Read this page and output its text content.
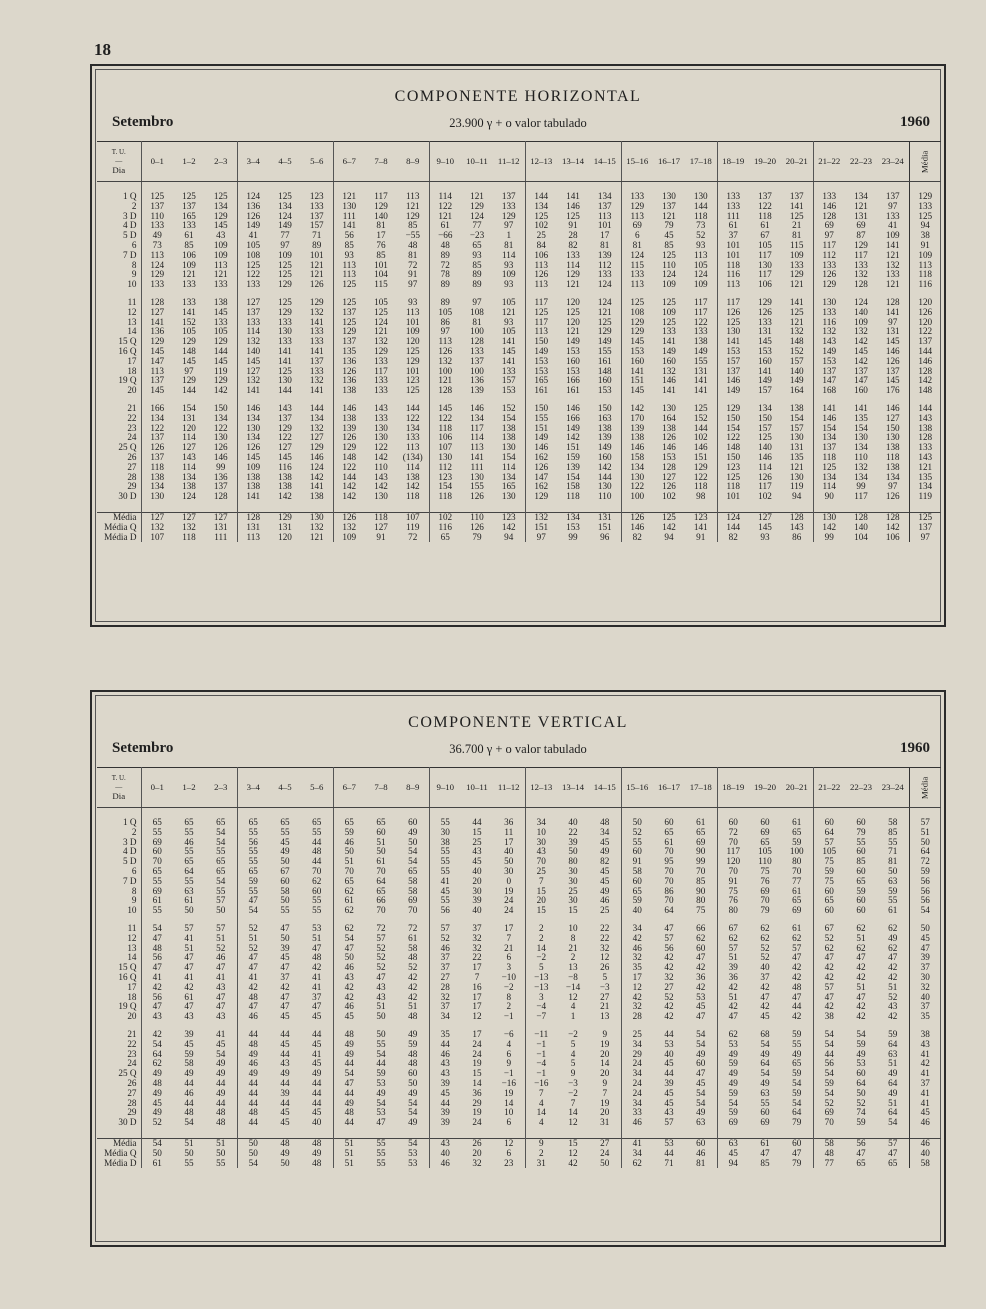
18
COMPONENTE HORIZONTAL
Setembro	23.900 γ + o valor tabulado	1960
T. U.
—
Dia	0–1	1–2	2–3	3–4	4–5	5–6	6–7	7–8	8–9	9–10	10–11	11–12	12–13	13–14	14–15	15–16	16–17	17–18	18–19	19–20	20–21	21–22	22–23	23–24	Média

1 Q	125	125	125	124	125	123	121	117	113	114	121	137	144	141	134	133	130	130	133	137	137	133	134	137	129
2	137	137	134	136	134	133	130	129	121	122	129	133	134	146	137	129	137	144	133	122	141	146	121	97	133
3 D	110	165	129	126	124	137	111	140	129	121	124	129	125	125	113	113	121	118	111	118	125	128	131	133	125
4 D	133	133	145	149	149	157	141	81	85	61	77	97	102	91	101	69	79	73	61	61	21	69	69	41	94
5 D	49	61	43	41	77	71	56	17	−55	−66	−23	1	25	28	17	6	45	52	37	67	81	97	87	109	38
6	73	85	109	105	97	89	85	76	48	48	65	81	84	82	81	81	85	93	101	105	115	117	129	141	91
7 D	113	106	109	108	109	101	93	85	81	89	93	114	106	133	139	124	125	113	101	117	109	112	117	121	109
8	124	109	113	125	125	121	113	101	72	72	85	93	113	114	112	115	110	105	118	130	133	133	133	132	113
9	129	121	121	122	125	121	113	104	91	78	89	109	126	129	133	133	124	124	116	117	129	126	132	133	118
10	133	133	133	133	129	126	125	115	97	89	89	93	113	121	124	113	109	109	113	106	121	129	128	121	116

11	128	133	138	127	125	129	125	105	93	89	97	105	117	120	124	125	125	117	117	129	141	130	124	128	120
12	127	141	145	137	129	132	137	125	113	105	108	121	125	125	121	108	109	117	126	126	125	133	140	141	126
13	141	152	133	133	133	141	125	124	101	86	81	93	117	120	125	129	125	122	125	133	121	116	109	97	120
14	136	105	105	114	130	133	129	121	109	97	100	105	113	121	129	129	133	133	130	131	132	132	132	131	122
15 Q	129	129	129	132	133	133	137	132	120	113	128	141	150	149	149	145	141	138	141	145	148	143	142	145	137
16 Q	145	148	144	140	141	141	135	129	125	126	133	145	149	153	155	153	149	149	153	153	152	149	145	146	144
17	147	145	145	145	141	137	136	133	129	132	137	141	153	160	161	160	160	155	157	160	157	153	142	126	146
18	113	97	119	127	125	133	126	117	101	100	100	133	153	153	148	141	132	131	137	141	140	137	137	137	128
19 Q	137	129	129	132	130	132	136	133	123	121	136	157	165	166	160	151	146	141	146	149	149	147	147	145	142
20	145	144	142	141	144	141	138	133	125	128	139	153	161	161	153	145	141	141	149	157	164	168	160	176	148

21	166	154	150	146	143	144	146	143	144	145	146	152	150	146	150	142	130	125	129	134	138	141	141	146	144
22	134	131	134	134	137	134	138	133	122	122	134	154	155	166	163	170	164	152	150	150	154	146	135	127	143
23	122	120	122	130	129	132	139	130	134	118	117	138	151	149	138	139	138	144	154	157	157	154	154	150	138
24	137	114	130	134	122	127	126	130	133	106	114	138	149	142	139	138	126	102	122	125	130	134	130	130	128
25 Q	126	127	126	126	127	129	129	122	113	107	113	130	146	151	149	146	146	146	148	140	131	137	134	138	133
26	137	143	146	145	145	146	148	142	(134)	130	141	154	162	159	160	158	153	151	150	146	135	118	110	118	143
27	118	114	99	109	116	124	122	110	114	112	111	114	126	139	142	134	128	129	123	114	121	125	132	138	121
28	138	134	136	138	138	142	144	143	138	123	130	134	147	154	144	130	127	122	125	126	130	134	134	134	135
29	134	138	137	138	138	141	142	142	142	154	155	165	162	158	130	122	126	118	118	117	119	114	99	97	134
30 D	130	124	128	141	142	138	142	130	118	118	126	130	129	118	110	100	102	98	101	102	94	90	117	126	119

Média	127	127	127	128	129	130	126	118	107	102	110	123	132	134	131	126	125	123	124	127	128	130	128	128	125
Média Q	132	132	131	131	131	132	132	127	119	116	126	142	151	153	151	146	142	141	144	145	143	142	140	142	137
Média D	107	118	111	113	120	121	109	91	72	65	79	94	97	99	96	82	94	91	82	93	86	99	104	106	97
COMPONENTE VERTICAL
Setembro	36.700 γ + o valor tabulado	1960
T. U.
—
Dia	0–1	1–2	2–3	3–4	4–5	5–6	6–7	7–8	8–9	9–10	10–11	11–12	12–13	13–14	14–15	15–16	16–17	17–18	18–19	19–20	20–21	21–22	22–23	23–24	Média

1 Q	65	65	65	65	65	65	65	65	60	55	44	36	34	40	48	50	60	61	60	60	61	60	60	58	57
2	55	55	54	55	55	55	59	60	49	30	15	11	10	22	34	52	65	65	72	69	65	64	79	85	51
3 D	69	46	54	56	45	44	46	51	50	38	25	17	30	39	45	55	61	69	70	65	59	57	55	55	50
4 D	60	55	55	55	49	48	50	50	54	55	43	40	43	50	49	60	70	90	117	105	100	105	60	71	64
5 D	70	65	65	55	50	44	51	61	54	55	45	50	70	80	82	91	95	99	120	110	80	75	85	81	72
6	65	64	65	65	67	70	70	70	65	55	40	30	25	30	45	58	70	70	70	75	70	59	60	50	59
7 D	55	55	54	59	60	62	65	64	58	41	20	0	7	30	45	60	70	85	91	76	77	75	65	63	56
8	69	63	55	55	58	60	62	65	58	45	30	19	15	25	49	65	86	90	75	69	61	60	59	59	56
9	61	61	57	47	50	55	61	66	69	55	39	24	20	30	46	59	70	80	76	70	65	65	60	55	56
10	55	50	50	54	55	55	62	70	70	56	40	24	15	15	25	40	64	75	80	79	69	60	60	61	54

11	54	57	57	52	47	53	62	72	72	57	37	17	2	10	22	34	47	66	67	62	61	67	62	62	50
12	47	41	51	51	50	51	54	57	61	52	32	7	2	8	22	42	57	62	62	62	62	52	51	49	45
13	48	51	52	52	39	47	47	52	58	46	32	21	14	21	32	46	56	60	57	52	57	62	62	62	47
14	56	47	46	47	45	48	50	52	48	37	22	6	−2	2	12	32	42	47	51	52	47	47	47	47	39
15 Q	47	47	47	47	47	42	46	52	52	37	17	3	5	13	26	35	42	42	39	40	42	42	42	42	37
16 Q	41	41	41	41	37	41	43	47	42	27	7	−10	−13	−8	5	17	32	36	36	37	42	42	42	42	30
17	42	42	43	42	42	41	42	43	42	28	16	−2	−13	−14	−3	12	27	42	42	42	48	57	51	51	32
18	56	61	47	48	47	37	42	43	42	32	17	8	3	12	27	42	52	53	51	47	47	47	47	52	40
19 Q	47	47	47	47	47	47	46	51	51	37	17	2	−4	4	21	32	42	45	42	42	44	42	42	43	37
20	43	43	43	46	45	45	45	50	48	34	12	−1	−7	1	13	28	42	47	47	45	42	38	42	42	35

21	42	39	41	44	44	44	48	50	49	35	17	−6	−11	−2	9	25	44	54	62	68	59	54	54	59	38
22	54	45	45	48	45	45	49	55	59	44	24	4	−1	5	19	34	53	54	53	54	55	54	59	64	43
23	64	59	54	49	44	41	49	54	48	46	24	6	−1	4	20	29	40	49	49	49	49	44	49	63	41
24	62	58	49	46	43	45	44	44	48	43	19	9	−4	5	14	24	45	60	59	64	65	56	53	51	42
25 Q	49	49	49	49	49	49	54	59	60	43	15	−1	−1	9	20	34	44	47	49	54	59	54	60	49	41
26	48	44	44	44	44	44	47	53	50	39	14	−16	−16	−3	9	24	39	45	49	49	54	59	64	64	37
27	49	46	49	44	39	44	44	49	49	45	36	19	7	−2	7	24	45	54	59	63	59	54	50	49	41
28	45	44	44	44	44	44	49	54	54	44	29	14	4	7	19	34	45	54	54	55	54	52	52	51	41
29	49	48	48	48	45	45	48	53	54	39	19	10	14	14	20	33	43	49	59	60	64	69	74	64	45
30 D	52	54	48	44	45	40	44	47	49	39	24	6	4	12	31	46	57	63	69	69	79	70	59	54	46

Média	54	51	51	50	48	48	51	55	54	43	26	12	9	15	27	41	53	60	63	61	60	58	56	57	46
Média Q	50	50	50	50	49	49	51	55	53	40	20	6	2	12	24	34	44	46	45	47	47	48	47	47	40
Média D	61	55	55	54	50	48	51	55	53	46	32	23	31	42	50	62	71	81	94	85	79	77	65	65	58
